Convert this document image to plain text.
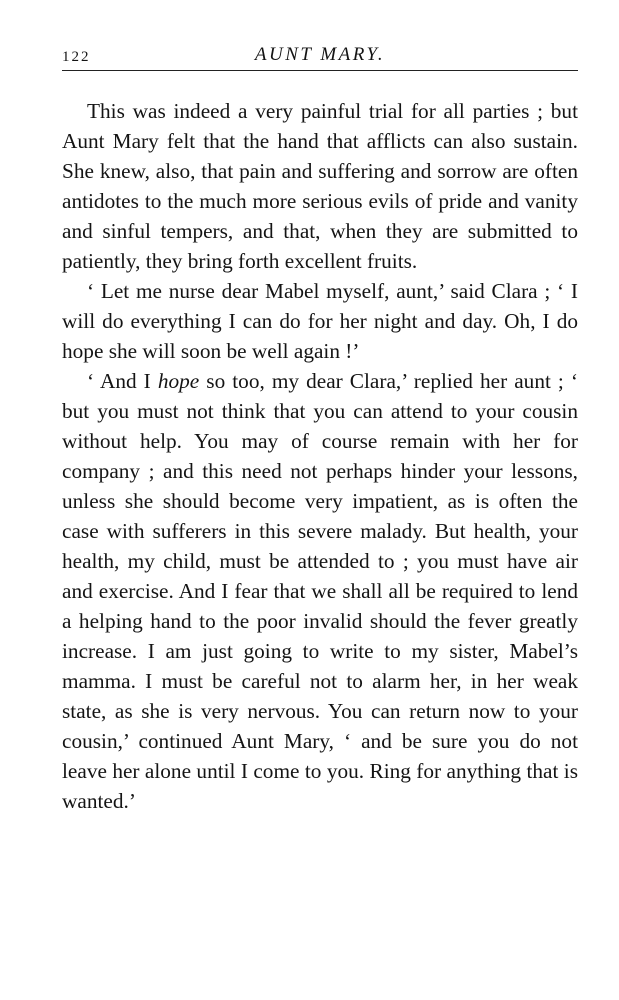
122	AUNT MARY.

This was indeed a very painful trial for all parties ; but Aunt Mary felt that the hand that afflicts can also sustain. She knew, also, that pain and suffering and sorrow are often antidotes to the much more serious evils of pride and vanity and sinful tempers, and that, when they are submitted to patiently, they bring forth excellent fruits.

‘ Let me nurse dear Mabel myself, aunt,’ said Clara ; ‘ I will do everything I can do for her night and day. Oh, I do hope she will soon be well again !’

‘ And I hope so too, my dear Clara,’ replied her aunt ; ‘ but you must not think that you can attend to your cousin without help. You may of course remain with her for company ; and this need not perhaps hinder your lessons, unless she should become very impatient, as is often the case with sufferers in this severe malady. But health, your health, my child, must be attended to ; you must have air and exercise. And I fear that we shall all be required to lend a helping hand to the poor invalid should the fever greatly increase. I am just going to write to my sister, Mabel’s mamma. I must be careful not to alarm her, in her weak state, as she is very nervous. You can return now to your cousin,’ continued Aunt Mary, ‘ and be sure you do not leave her alone until I come to you. Ring for anything that is wanted.’
